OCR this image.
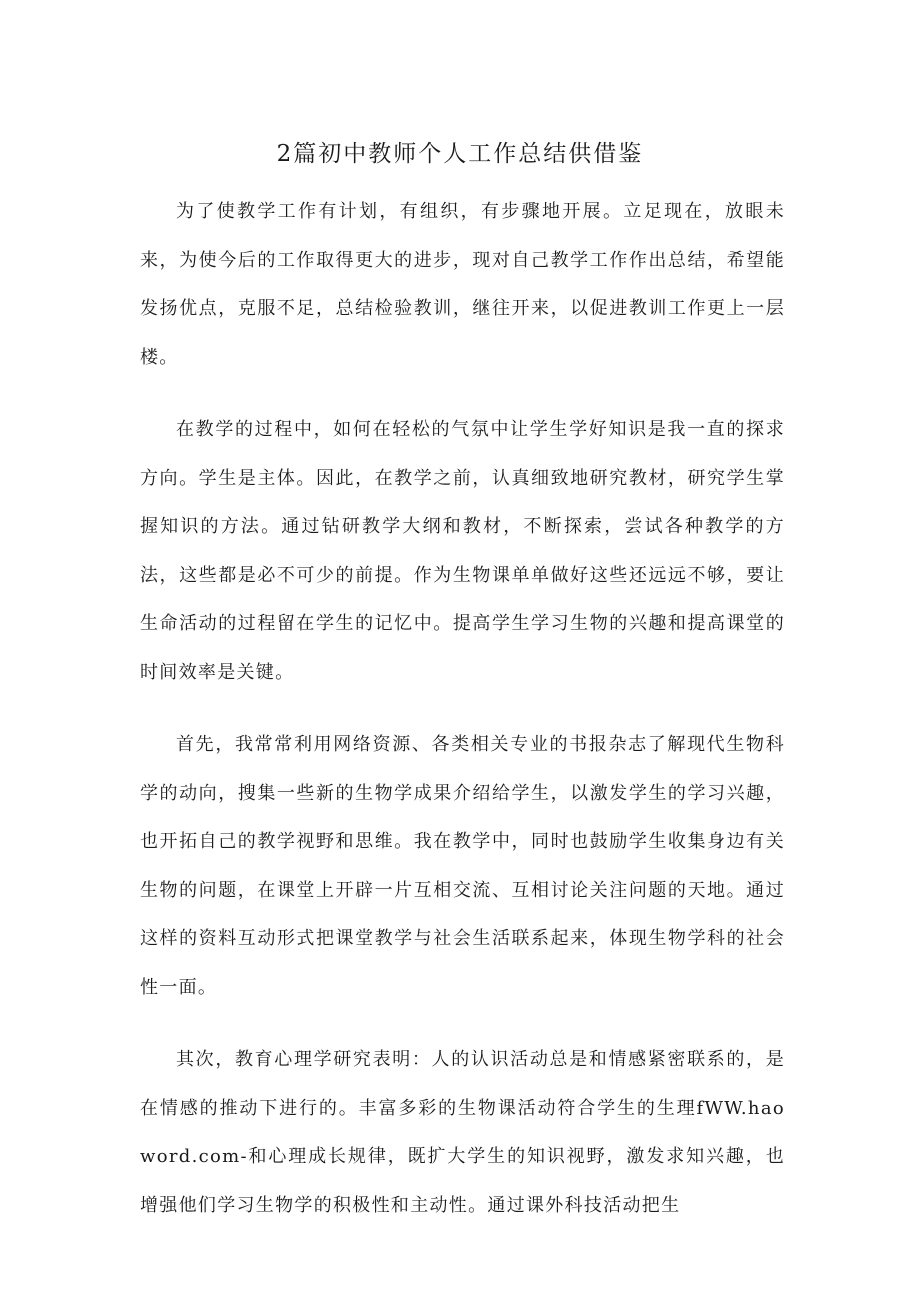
2篇初中教师个人工作总结供借鉴

为了使教学工作有计划，有组织，有步骤地开展。立足现在，放眼未来，为使今后的工作取得更大的进步，现对自己教学工作作出总结，希望能发扬优点，克服不足，总结检验教训，继往开来，以促进教训工作更上一层楼。

在教学的过程中，如何在轻松的气氛中让学生学好知识是我一直的探求方向。学生是主体。因此，在教学之前，认真细致地研究教材，研究学生掌握知识的方法。通过钻研教学大纲和教材，不断探索，尝试各种教学的方法，这些都是必不可少的前提。作为生物课单单做好这些还远远不够，要让生命活动的过程留在学生的记忆中。提高学生学习生物的兴趣和提高课堂的时间效率是关键。

首先，我常常利用网络资源、各类相关专业的书报杂志了解现代生物科学的动向，搜集一些新的生物学成果介绍给学生，以激发学生的学习兴趣，也开拓自己的教学视野和思维。我在教学中，同时也鼓励学生收集身边有关生物的问题，在课堂上开辟一片互相交流、互相讨论关注问题的天地。通过这样的资料互动形式把课堂教学与社会生活联系起来，体现生物学科的社会性一面。

其次，教育心理学研究表明：人的认识活动总是和情感紧密联系的，是在情感的推动下进行的。丰富多彩的生物课活动符合学生的生理fWW.haoword.com-和心理成长规律，既扩大学生的知识视野，激发求知兴趣，也增强他们学习生物学的积极性和主动性。通过课外科技活动把生
